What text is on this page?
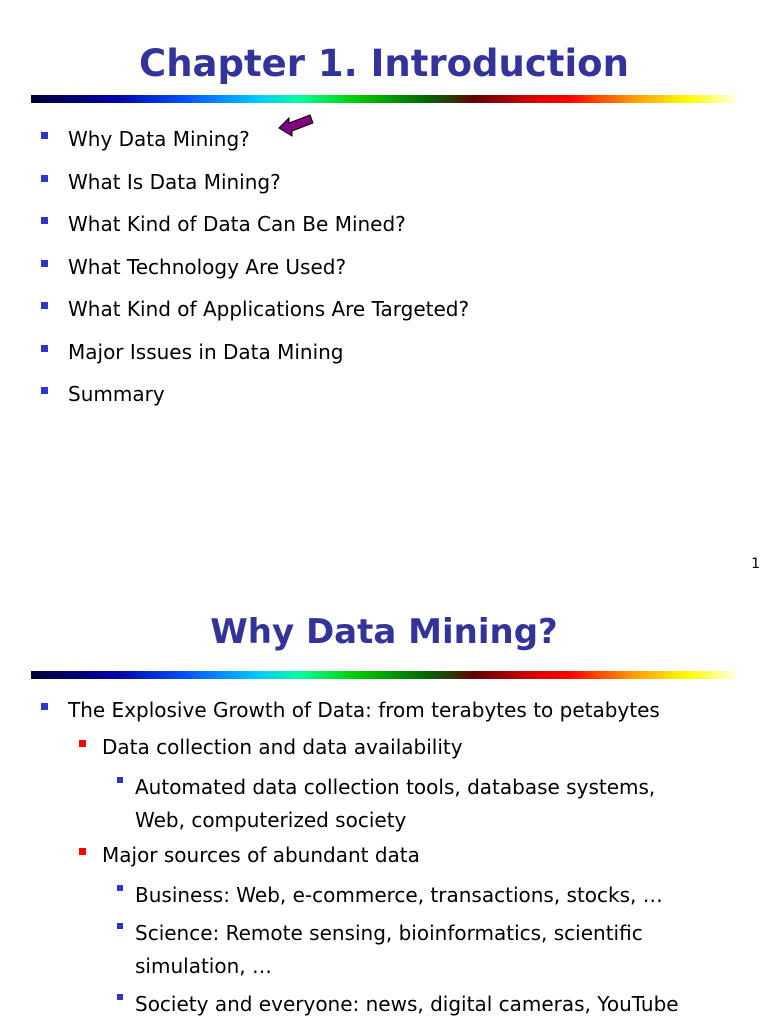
Chapter 1. Introduction
Why Data Mining?
What Is Data Mining?
What Kind of Data Can Be Mined?
What Technology Are Used?
What Kind of Applications Are Targeted?
Major Issues in Data Mining
Summary
1
Why Data Mining?
The Explosive Growth of Data: from terabytes to petabytes
Data collection and data availability
Automated data collection tools, database systems, Web, computerized society
Major sources of abundant data
Business: Web, e-commerce, transactions, stocks, …
Science: Remote sensing, bioinformatics, scientific simulation, …
Society and everyone: news, digital cameras, YouTube
